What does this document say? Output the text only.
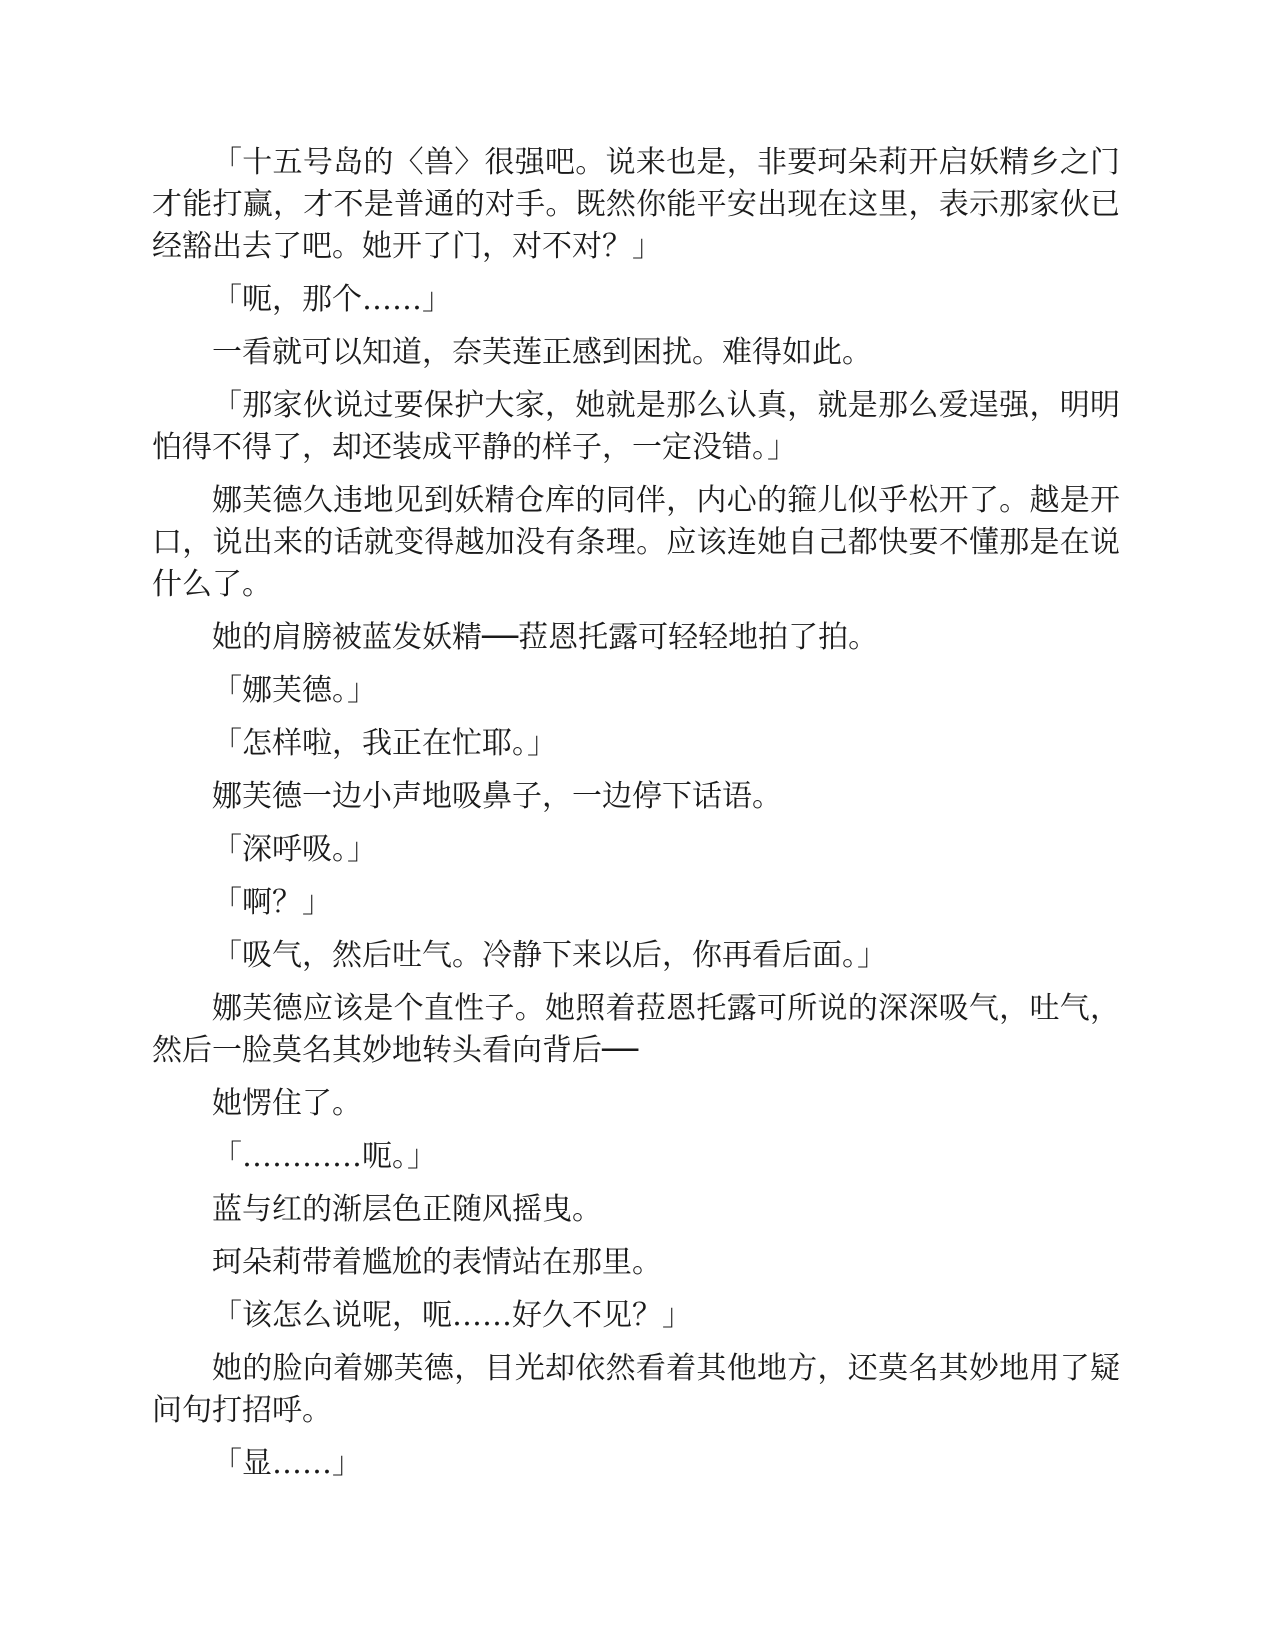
「十五号岛的〈兽〉很强吧。说来也是，非要珂朵莉开启妖精乡之门才能打赢，才不是普通的对手。既然你能平安出现在这里，表示那家伙已经豁出去了吧。她开了门，对不对？」

「呃，那个……」

一看就可以知道，奈芙莲正感到困扰。难得如此。

「那家伙说过要保护大家，她就是那么认真，就是那么爱逞强，明明怕得不得了，却还装成平静的样子，一定没错。」

娜芙德久违地见到妖精仓库的同伴，内心的箍儿似乎松开了。越是开口，说出来的话就变得越加没有条理。应该连她自己都快要不懂那是在说什么了。

她的肩膀被蓝发妖精──菈恩托露可轻轻地拍了拍。

「娜芙德。」

「怎样啦，我正在忙耶。」

娜芙德一边小声地吸鼻子，一边停下话语。

「深呼吸。」

「啊？」

「吸气，然后吐气。冷静下来以后，你再看后面。」

娜芙德应该是个直性子。她照着菈恩托露可所说的深深吸气，吐气，然后一脸莫名其妙地转头看向背后──

她愣住了。

「…………呃。」

蓝与红的渐层色正随风摇曳。

珂朵莉带着尴尬的表情站在那里。

「该怎么说呢，呃……好久不见？」

她的脸向着娜芙德，目光却依然看着其他地方，还莫名其妙地用了疑问句打招呼。

「显……」
